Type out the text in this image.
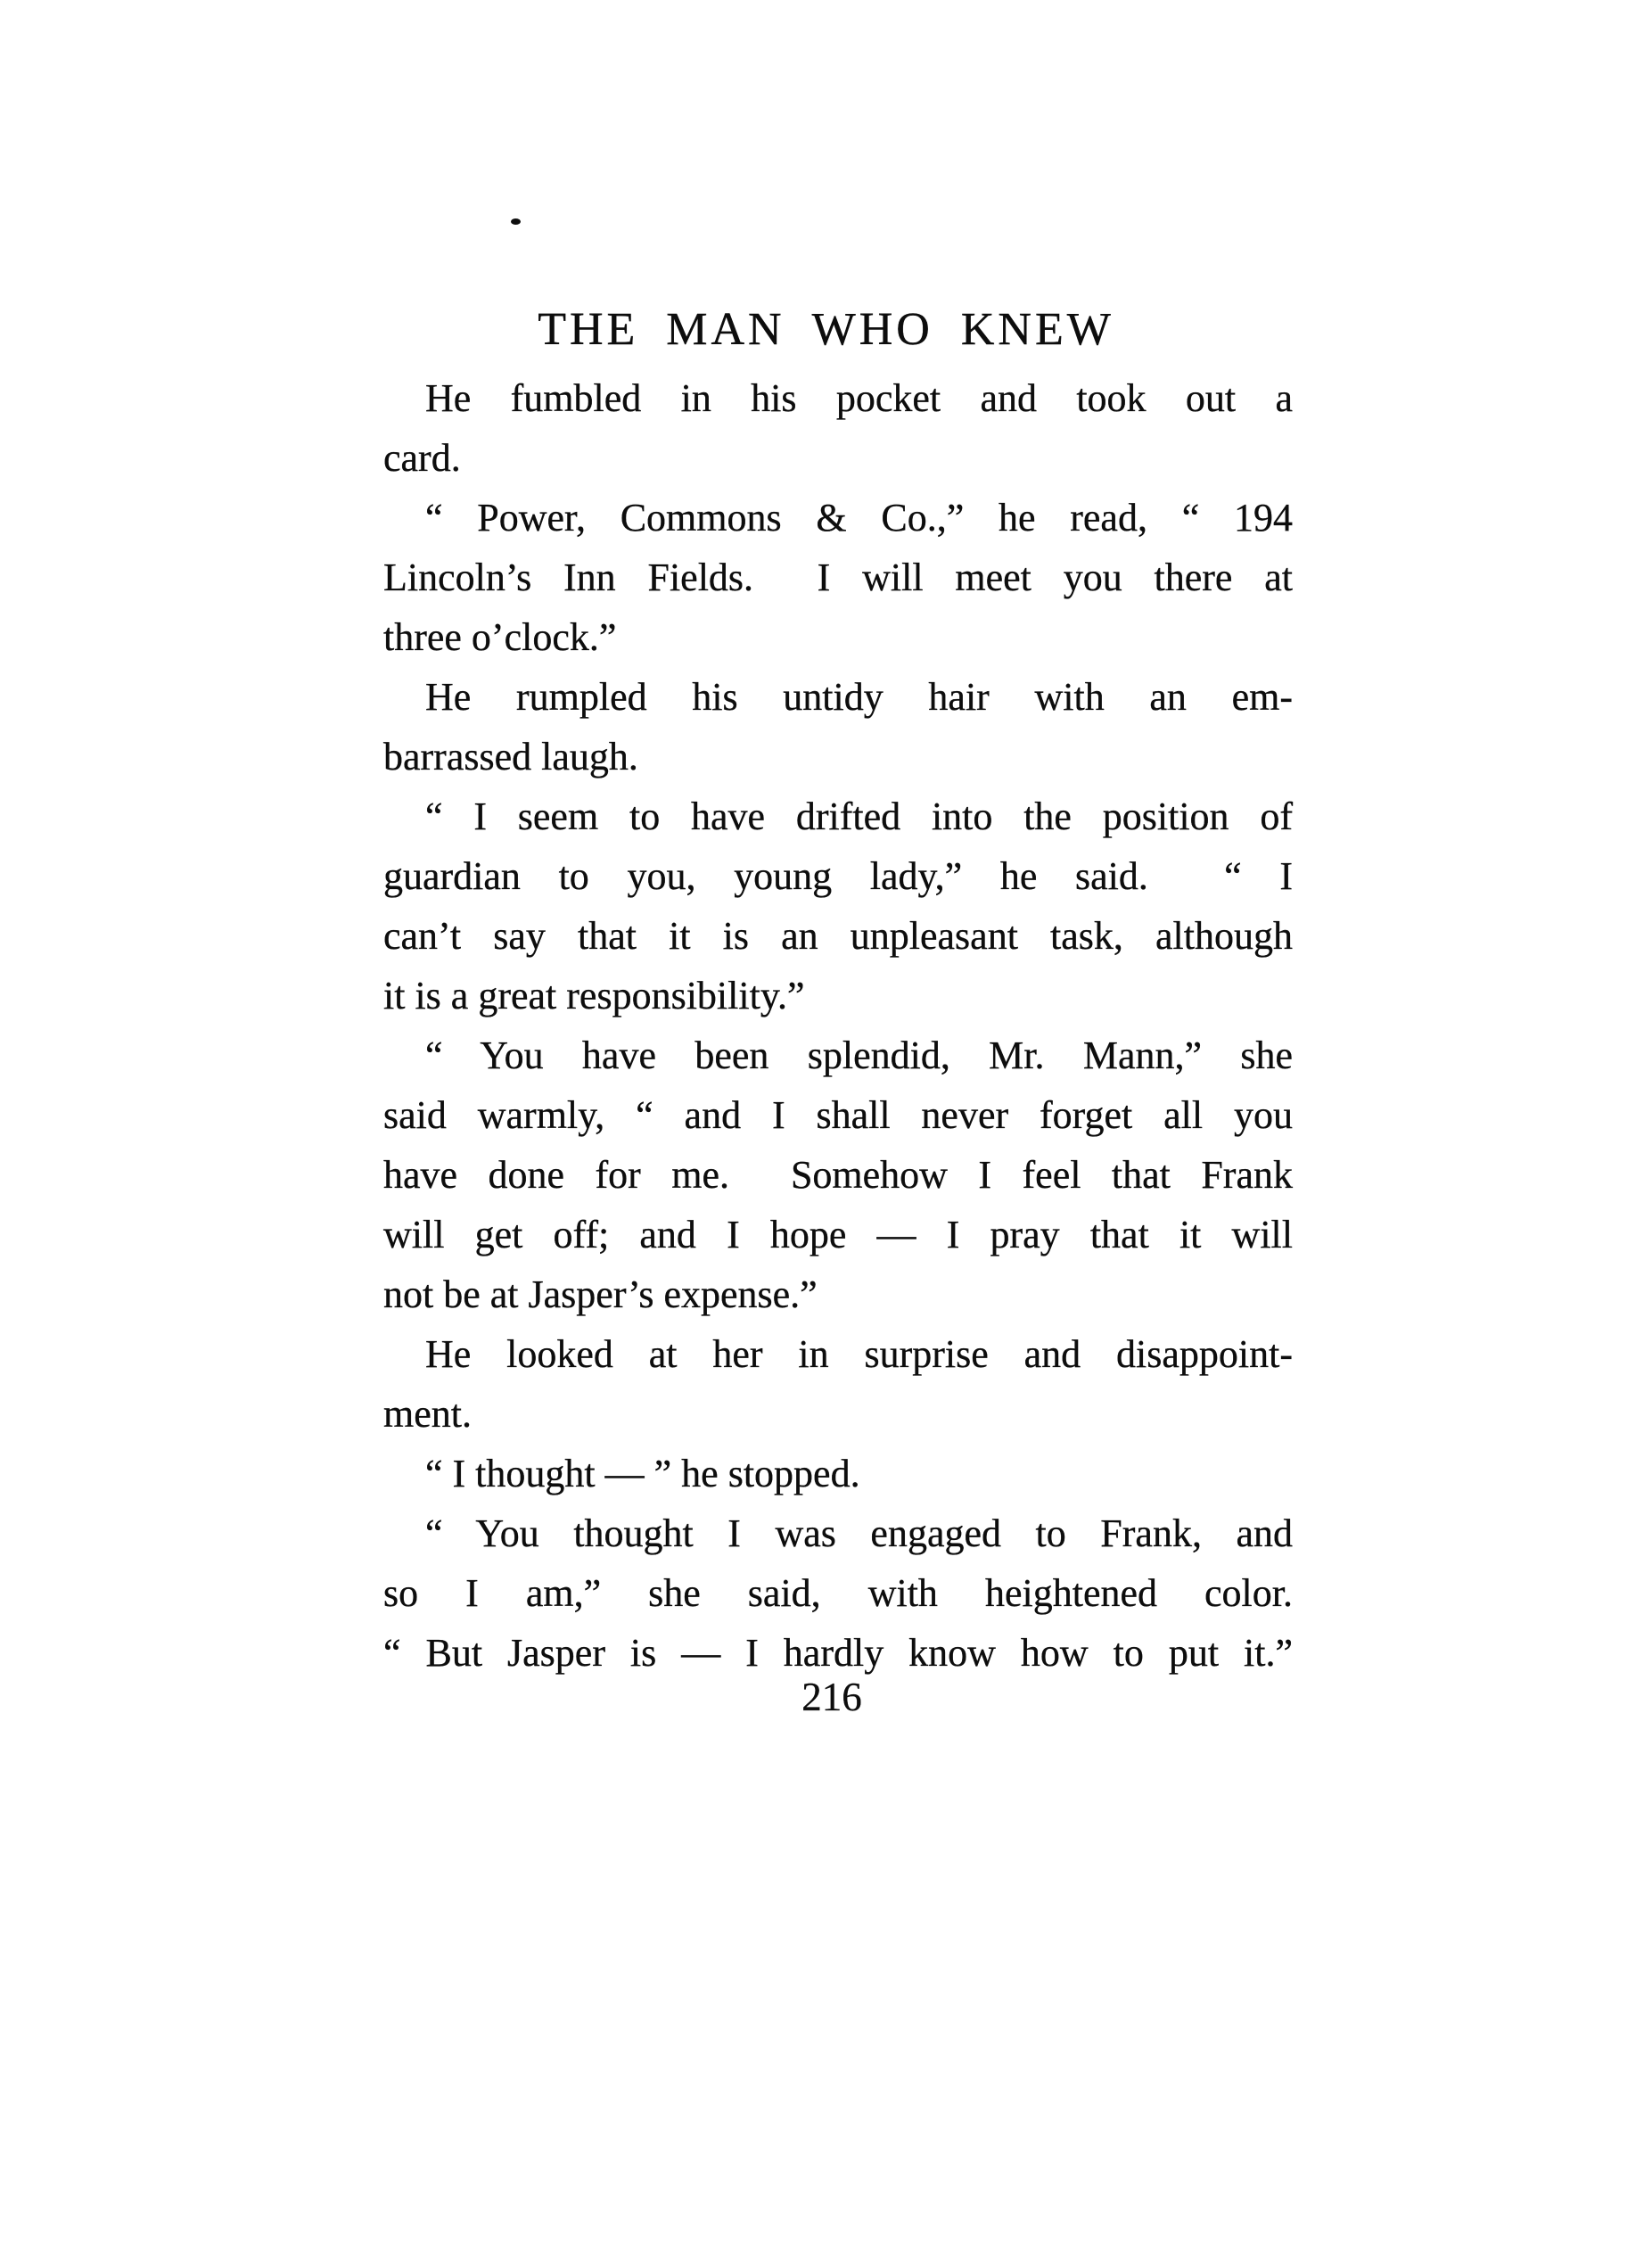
THE MAN WHO KNEW
He fumbled in his pocket and took out a
card.
“ Power, Commons & Co.,” he read, “ 194
Lincoln’s Inn Fields.  I will meet you there at
three o’clock.”
He rumpled his untidy hair with an em-
barrassed laugh.
“ I seem to have drifted into the position of
guardian to you, young lady,” he said.  “ I
can’t say that it is an unpleasant task, although
it is a great responsibility.”
“ You have been splendid, Mr. Mann,” she
said warmly, “ and I shall never forget all you
have done for me.  Somehow I feel that Frank
will get off; and I hope — I pray that it will
not be at Jasper’s expense.”
He looked at her in surprise and disappoint-
ment.
“ I thought — ” he stopped.
“ You thought I was engaged to Frank, and
so I am,” she said, with heightened color.
“ But Jasper is — I hardly know how to put it.”
216
